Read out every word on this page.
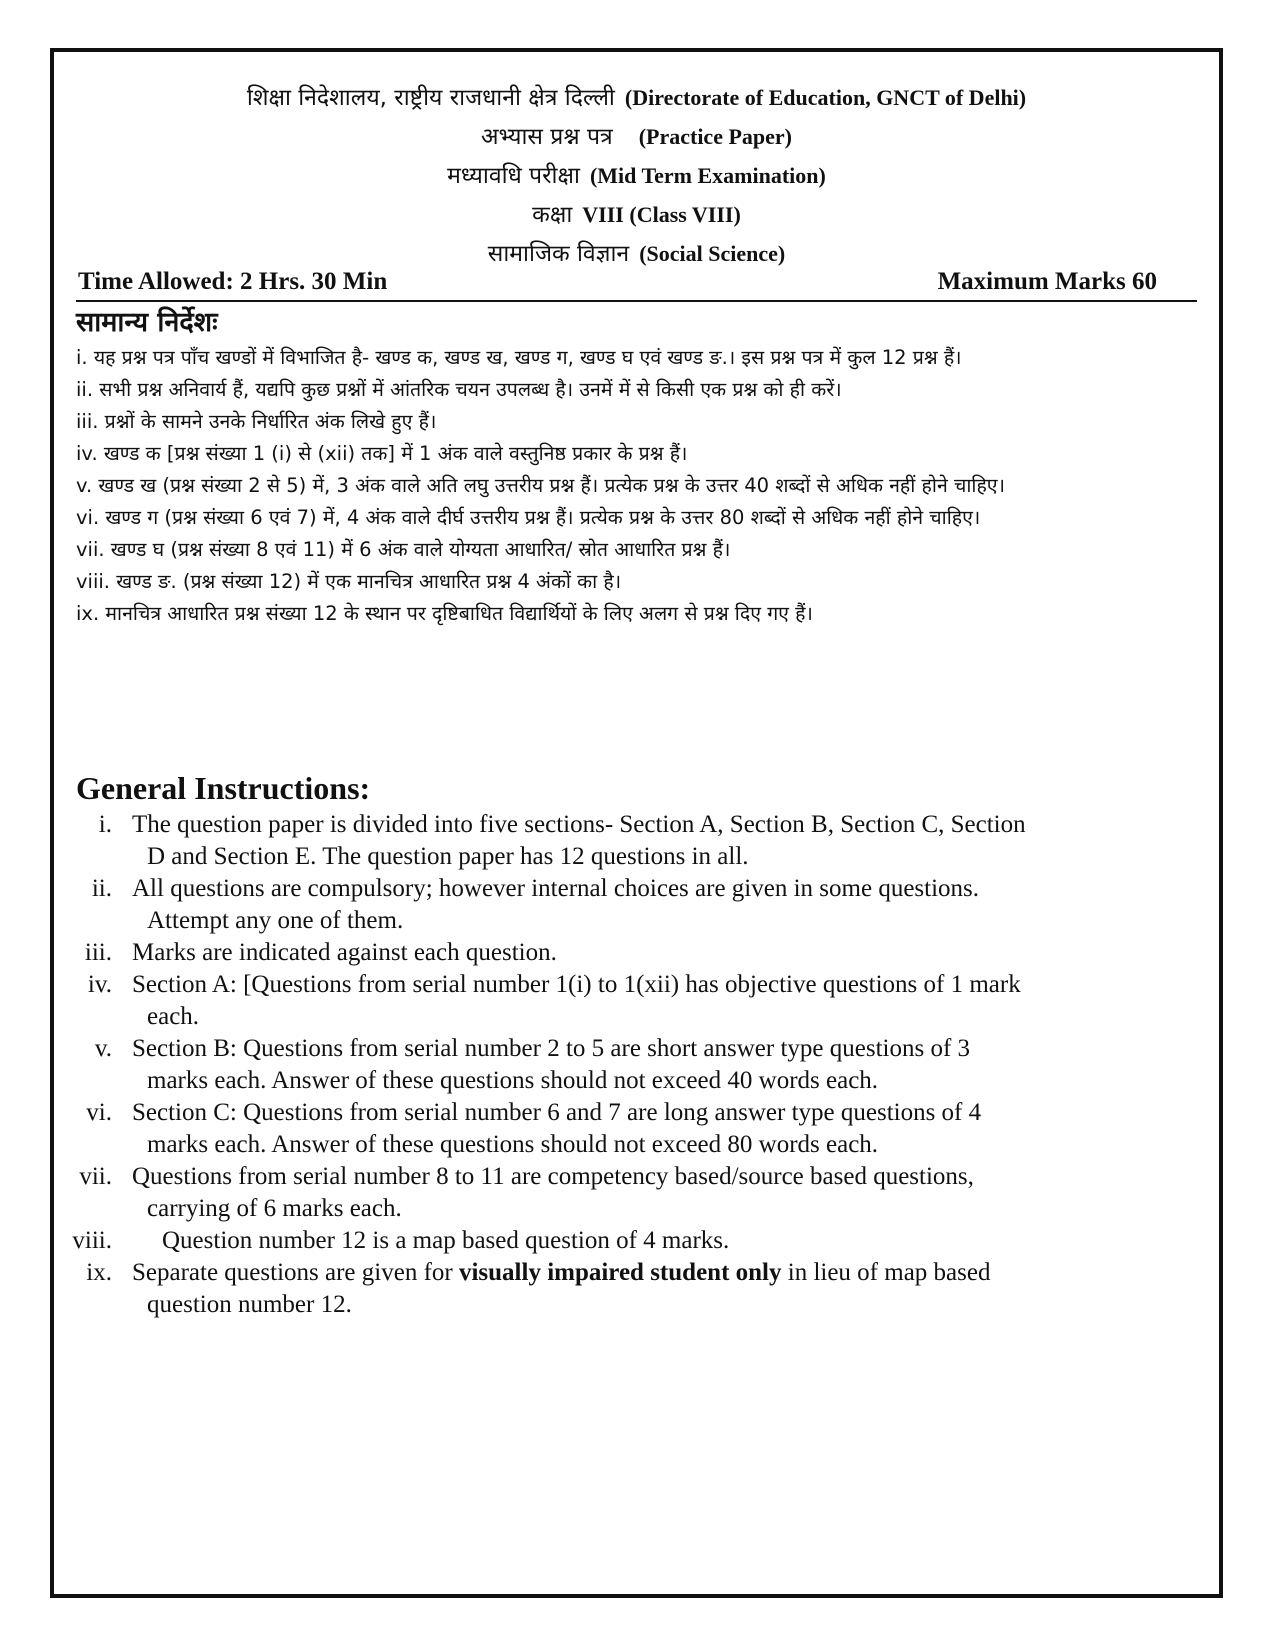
शिक्षा निदेशालय, राष्ट्रीय राजधानी क्षेत्र दिल्ली (Directorate of Education, GNCT of Delhi)
अभ्यास प्रश्न पत्र (Practice Paper)
मध्यावधि परीक्षा (Mid Term Examination)
कक्षा VIII (Class VIII)
सामाजिक विज्ञान (Social Science)
Time Allowed: 2 Hrs. 30 Min	Maximum Marks 60
सामान्य निर्देशः

i. यह प्रश्न पत्र पाँच खण्डों में विभाजित है- खण्ड क, खण्ड ख, खण्ड ग, खण्ड घ एवं खण्ड ङ.। इस प्रश्न पत्र में कुल 12 प्रश्न हैं।

ii. सभी प्रश्न अनिवार्य हैं, यद्यपि कुछ प्रश्नों में आंतरिक चयन उपलब्ध है। उनमें में से किसी एक प्रश्न को ही करें।

iii. प्रश्नों के सामने उनके निर्धारित अंक लिखे हुए हैं।

iv. खण्ड क [प्रश्न संख्या 1 (i) से (xii) तक] में 1 अंक वाले वस्तुनिष्ठ प्रकार के प्रश्न हैं।

v. खण्ड ख (प्रश्न संख्या 2 से 5) में, 3 अंक वाले अति लघु उत्तरीय प्रश्न हैं। प्रत्येक प्रश्न के उत्तर 40 शब्दों से अधिक नहीं होने चाहिए।

vi. खण्ड ग (प्रश्न संख्या 6 एवं 7) में, 4 अंक वाले दीर्घ उत्तरीय प्रश्न हैं। प्रत्येक प्रश्न के उत्तर 80 शब्दों से अधिक नहीं होने चाहिए।

vii. खण्ड घ (प्रश्न संख्या 8 एवं 11) में 6 अंक वाले योग्यता आधारित/ स्रोत आधारित प्रश्न हैं।

viii. खण्ड ङ. (प्रश्न संख्या 12) में एक मानचित्र आधारित प्रश्न 4 अंकों का है।

ix. मानचित्र आधारित प्रश्न संख्या 12 के स्थान पर दृष्टिबाधित विद्यार्थियों के लिए अलग से प्रश्न दिए गए हैं।

General Instructions:
i. The question paper is divided into five sections- Section A, Section B, Section C, Section
D and Section E. The question paper has 12 questions in all.
ii. All questions are compulsory; however internal choices are given in some questions.
Attempt any one of them.
iii. Marks are indicated against each question.
iv. Section A: [Questions from serial number 1(i) to 1(xii) has objective questions of 1 mark
each.
v. Section B: Questions from serial number 2 to 5 are short answer type questions of 3
marks each. Answer of these questions should not exceed 40 words each.
vi. Section C: Questions from serial number 6 and 7 are long answer type questions of 4
marks each. Answer of these questions should not exceed 80 words each.
vii. Questions from serial number 8 to 11 are competency based/source based questions,
carrying of 6 marks each.
viii.	Question number 12 is a map based question of 4 marks.
ix. Separate questions are given for visually impaired student only in lieu of map based
question number 12.
